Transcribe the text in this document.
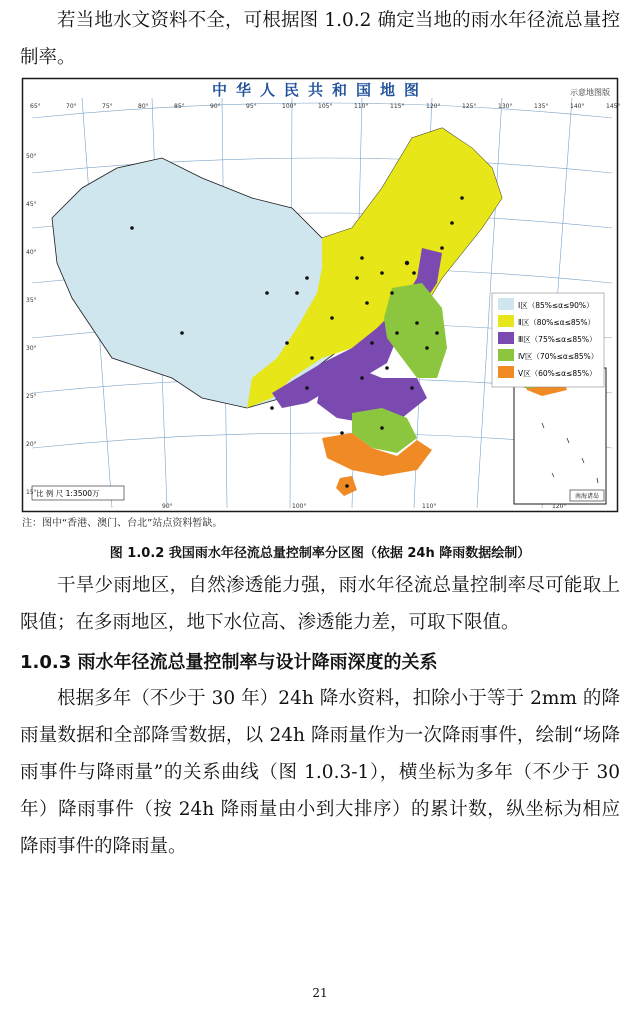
若当地水文资料不全，可根据图 1.0.2 确定当地的雨水年径流总量控制率。
Ⅰ区（85%≤α≤90%）
Ⅱ区（80%≤α≤85%）
Ⅲ区（75%≤α≤85%）
Ⅳ区（70%≤α≤85%）
Ⅴ区（60%≤α≤85%）
中华人民共和国地图	示意地图版
比 例 尺 1:3500万	南海诸岛
65°	70°	75°	80°	85°	90°	95°	100°	105°	110°	115°	120°	125°	130°	135°	140°	145°
90°	100°	110°	120°
50°
45°
40°
35°
30°
25°
20°
15°
注：图中“香港、澳门、台北”站点资料暂缺。
图 1.0.2 我国雨水年径流总量控制率分区图（依据 24h 降雨数据绘制）
干旱少雨地区，自然渗透能力强，雨水年径流总量控制率尽可能取上限值；在多雨地区，地下水位高、渗透能力差，可取下限值。
1.0.3 雨水年径流总量控制率与设计降雨深度的关系
根据多年（不少于 30 年）24h 降水资料，扣除小于等于 2mm 的降雨量数据和全部降雪数据，以 24h 降雨量作为一次降雨事件，绘制“场降雨事件与降雨量”的关系曲线（图 1.0.3-1），横坐标为多年（不少于 30 年）降雨事件（按 24h 降雨量由小到大排序）的累计数，纵坐标为相应降雨事件的降雨量。
21
